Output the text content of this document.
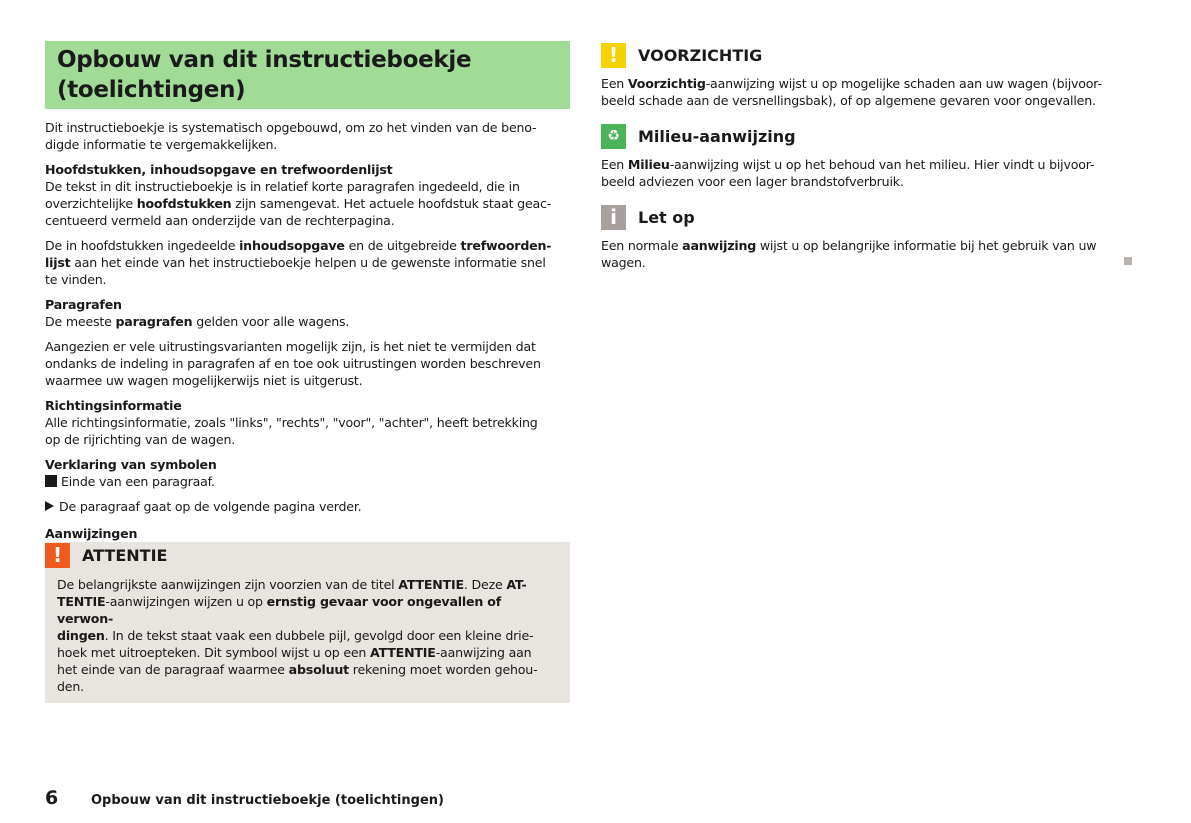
Opbouw van dit instructieboekje
(toelichtingen)

Dit instructieboekje is systematisch opgebouwd, om zo het vinden van de beno-
digde informatie te vergemakkelijken.

Hoofdstukken, inhoudsopgave en trefwoordenlijst

De tekst in dit instructieboekje is in relatief korte paragrafen ingedeeld, die in
overzichtelijke hoofdstukken zijn samengevat. Het actuele hoofdstuk staat geac-
centueerd vermeld aan onderzijde van de rechterpagina.

De in hoofdstukken ingedeelde inhoudsopgave en de uitgebreide trefwoorden-
lijst aan het einde van het instructieboekje helpen u de gewenste informatie snel
te vinden.

Paragrafen

De meeste paragrafen gelden voor alle wagens.

Aangezien er vele uitrustingsvarianten mogelijk zijn, is het niet te vermijden dat
ondanks de indeling in paragrafen af en toe ook uitrustingen worden beschreven
waarmee uw wagen mogelijkerwijs niet is uitgerust.

Richtingsinformatie

Alle richtingsinformatie, zoals "links", "rechts", "voor", "achter", heeft betrekking
op de rijrichting van de wagen.

Verklaring van symbolen

Einde van een paragraaf.

De paragraaf gaat op de volgende pagina verder.

Aanwijzingen
!	ATTENTIE
De belangrijkste aanwijzingen zijn voorzien van de titel ATTENTIE. Deze AT-
TENTIE-aanwijzingen wijzen u op ernstig gevaar voor ongevallen of verwon-
dingen. In de tekst staat vaak een dubbele pijl, gevolgd door een kleine drie-
hoek met uitroepteken. Dit symbool wijst u op een ATTENTIE-aanwijzing aan
het einde van de paragraaf waarmee absoluut rekening moet worden gehou-
den.
!	VOORZICHTIG

Een Voorzichtig-aanwijzing wijst u op mogelijke schaden aan uw wagen (bijvoor-
beeld schade aan de versnellingsbak), of op algemene gevaren voor ongevallen.

♻	Milieu-aanwijzing

Een Milieu-aanwijzing wijst u op het behoud van het milieu. Hier vindt u bijvoor-
beeld adviezen voor een lager brandstofverbruik.

i	Let op

Een normale aanwijzing wijst u op belangrijke informatie bij het gebruik van uw
wagen.

6	Opbouw van dit instructieboekje (toelichtingen)
